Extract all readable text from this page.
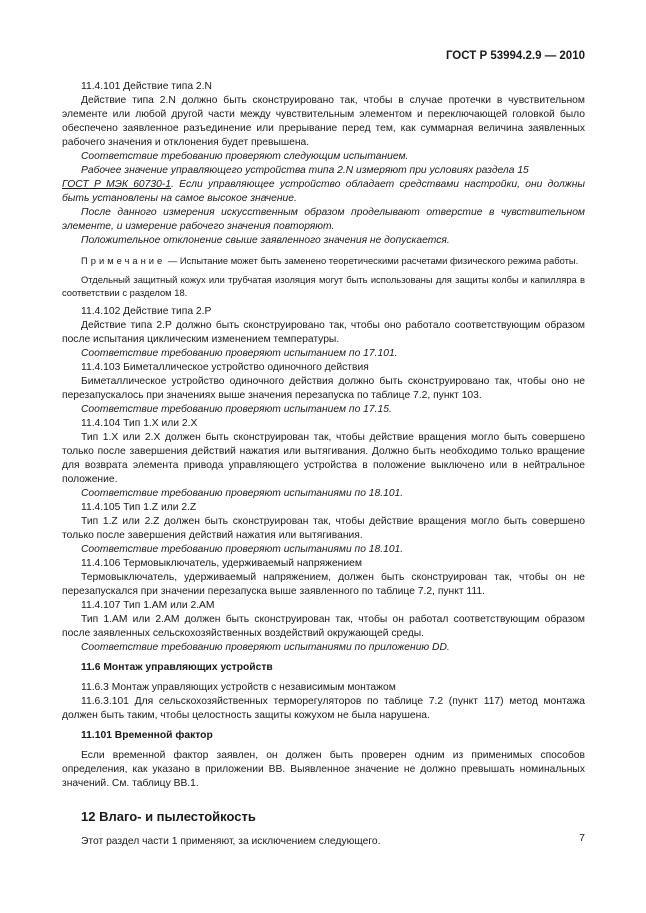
ГОСТ Р 53994.2.9 — 2010

11.4.101 Действие типа 2.N

Действие типа 2.N должно быть сконструировано так, чтобы в случае протечки в чувствительном элементе или любой другой части между чувствительным элементом и переключающей головкой было обеспечено заявленное разъединение или прерывание перед тем, как суммарная величина заявленных рабочего значения и отклонения будет превышена.

Соответствие требованию проверяют следующим испытанием.

Рабочее значение управляющего устройства типа 2.N измеряют при условиях раздела 15
ГОСТ Р МЭК 60730-1. Если управляющее устройство обладает средствами настройки, они должны быть установлены на самое высокое значение.

После данного измерения искусственным образом проделывают отверстие в чувствительном элементе, и измерение рабочего значения повторяют.

Положительное отклонение свыше заявленного значения не допускается.

Примечание — Испытание может быть заменено теоретическими расчетами физического режима работы.

Отдельный защитный кожух или трубчатая изоляция могут быть использованы для защиты колбы и капилляра в соответствии с разделом 18.

11.4.102 Действие типа 2.P

Действие типа 2.P должно быть сконструировано так, чтобы оно работало соответствующим образом после испытания циклическим изменением температуры.

Соответствие требованию проверяют испытанием по 17.101.

11.4.103 Биметаллическое устройство одиночного действия

Биметаллическое устройство одиночного действия должно быть сконструировано так, чтобы оно не перезапускалось при значениях выше значения перезапуска по таблице 7.2, пункт 103.

Соответствие требованию проверяют испытанием по 17.15.

11.4.104 Тип 1.X или 2.X

Тип 1.X или 2.X должен быть сконструирован так, чтобы действие вращения могло быть совершено только после завершения действий нажатия или вытягивания. Должно быть необходимо только вращение для возврата элемента привода управляющего устройства в положение выключено или в нейтральное положение.

Соответствие требованию проверяют испытаниями по 18.101.

11.4.105 Тип 1.Z или 2.Z

Тип 1.Z или 2.Z должен быть сконструирован так, чтобы действие вращения могло быть совершено только после завершения действий нажатия или вытягивания.

Соответствие требованию проверяют испытаниями по 18.101.

11.4.106 Термовыключатель, удерживаемый напряжением

Термовыключатель, удерживаемый напряжением, должен быть сконструирован так, чтобы он не перезапускался при значении перезапуска выше заявленного по таблице 7.2, пункт 111.

11.4.107 Тип 1.AM или 2.AM

Тип 1.AM или 2.AM должен быть сконструирован так, чтобы он работал соответствующим образом после заявленных сельскохозяйственных воздействий окружающей среды.

Соответствие требованию проверяют испытаниями по приложению DD.

11.6 Монтаж управляющих устройств

11.6.3 Монтаж управляющих устройств с независимым монтажом

11.6.3.101 Для сельскохозяйственных терморегуляторов по таблице 7.2 (пункт 117) метод монтажа должен быть таким, чтобы целостность защиты кожухом не была нарушена.

11.101 Временной фактор

Если временной фактор заявлен, он должен быть проверен одним из применимых способов определения, как указано в приложении BB. Выявленное значение не должно превышать номинальных значений. См. таблицу BB.1.

12 Влаго- и пылестойкость

Этот раздел части 1 применяют, за исключением следующего.	7
